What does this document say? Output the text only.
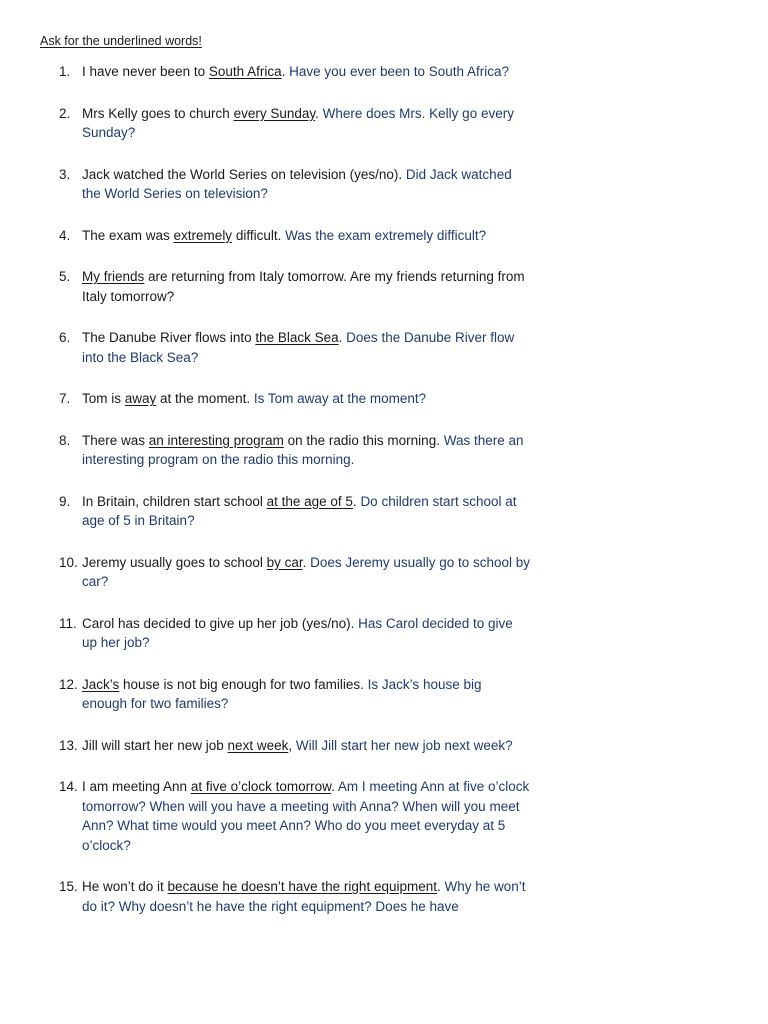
Ask for the underlined words!
1. I have never been to South Africa. Have you ever been to South Africa?
2. Mrs Kelly goes to church every Sunday. Where does Mrs. Kelly go every Sunday?
3. Jack watched the World Series on television (yes/no). Did Jack watched the World Series on television?
4. The exam was extremely difficult. Was the exam extremely difficult?
5. My friends are returning from Italy tomorrow. Are my friends returning from Italy tomorrow?
6. The Danube River flows into the Black Sea. Does the Danube River flow into the Black Sea?
7. Tom is away at the moment. Is Tom away at the moment?
8. There was an interesting program on the radio this morning. Was there an interesting program on the radio this morning.
9. In Britain, children start school at the age of 5. Do children start school at age of 5 in Britain?
10. Jeremy usually goes to school by car. Does Jeremy usually go to school by car?
11. Carol has decided to give up her job (yes/no). Has Carol decided to give up her job?
12. Jack’s house is not big enough for two families. Is Jack’s house big enough for two families?
13. Jill will start her new job next week, Will Jill start her new job next week?
14. I am meeting Ann at five o’clock tomorrow. Am I meeting Ann at five o’clock tomorrow? When will you have a meeting with Anna? When will you meet Ann? What time would you meet Ann? Who do you meet everyday at 5 o’clock?
15. He won’t do it because he doesn’t have the right equipment. Why he won’t do it? Why doesn’t he have the right equipment? Does he have
